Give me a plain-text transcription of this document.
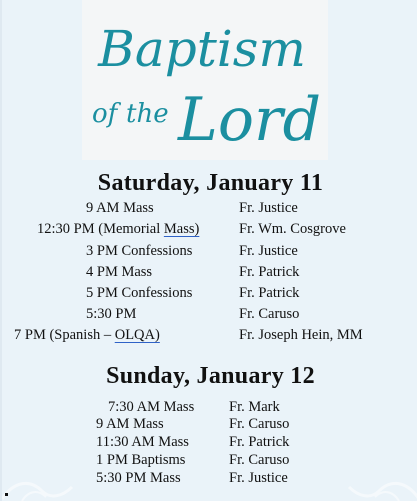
Baptism
of the Lord
Saturday, January 11
9 AM Mass	Fr. Justice
12:30 PM (Memorial Mass)	Fr. Wm. Cosgrove
3 PM Confessions	Fr. Justice
4 PM Mass	Fr. Patrick
5 PM Confessions	Fr. Patrick
5:30 PM	Fr. Caruso
7 PM (Spanish – OLQA)	Fr. Joseph Hein, MM
Sunday, January 12
7:30 AM Mass Fr. Mark
9 AM Mass	Fr. Caruso
11:30 AM Mass	Fr. Patrick
1 PM Baptisms	Fr. Caruso
5:30 PM Mass	Fr. Justice
